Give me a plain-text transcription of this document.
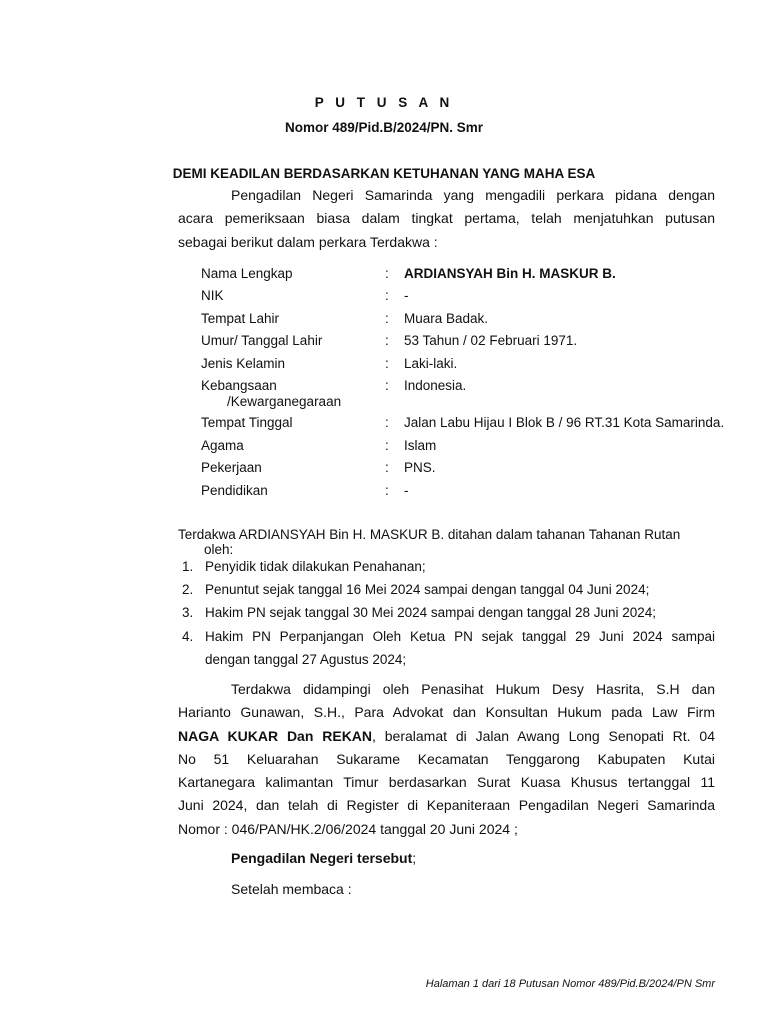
P U T U S A N
Nomor 489/Pid.B/2024/PN. Smr
DEMI KEADILAN BERDASARKAN KETUHANAN YANG MAHA ESA
Pengadilan Negeri Samarinda yang mengadili perkara pidana dengan
acara pemeriksaan biasa dalam tingkat pertama, telah menjatuhkan putusan
sebagai berikut dalam perkara Terdakwa :
Nama Lengkap	:	ARDIANSYAH Bin H. MASKUR B.
NIK	:	-
Tempat Lahir	:	Muara Badak.
Umur/ Tanggal Lahir	:	53 Tahun / 02 Februari 1971.
Jenis Kelamin	:	Laki-laki.
Kebangsaan	:	Indonesia.
/Kewarganegaraan
Tempat Tinggal	:	Jalan Labu Hijau I Blok B / 96 RT.31 Kota Samarinda.
Agama	:	Islam
Pekerjaan	:	PNS.
Pendidikan	:	-
Terdakwa ARDIANSYAH Bin H. MASKUR B. ditahan dalam tahanan Tahanan Rutan
oleh:
1. Penyidik tidak dilakukan Penahanan;
2. Penuntut sejak tanggal 16 Mei 2024 sampai dengan tanggal 04 Juni 2024;
3. Hakim PN sejak tanggal 30 Mei 2024 sampai dengan tanggal 28 Juni 2024;
4. Hakim PN Perpanjangan Oleh Ketua PN sejak tanggal 29 Juni 2024 sampai
dengan tanggal 27 Agustus 2024;
Terdakwa didampingi oleh Penasihat Hukum Desy Hasrita, S.H dan
Harianto Gunawan, S.H., Para Advokat dan Konsultan Hukum pada Law Firm
NAGA KUKAR Dan REKAN, beralamat di Jalan Awang Long Senopati Rt. 04
No 51 Keluarahan Sukarame Kecamatan Tenggarong Kabupaten Kutai
Kartanegara kalimantan Timur berdasarkan Surat Kuasa Khusus tertanggal 11
Juni 2024, dan telah di Register di Kepaniteraan Pengadilan Negeri Samarinda
Nomor : 046/PAN/HK.2/06/2024 tanggal 20 Juni 2024 ;
Pengadilan Negeri tersebut;
Setelah membaca :
Halaman 1 dari 18 Putusan Nomor 489/Pid.B/2024/PN Smr
